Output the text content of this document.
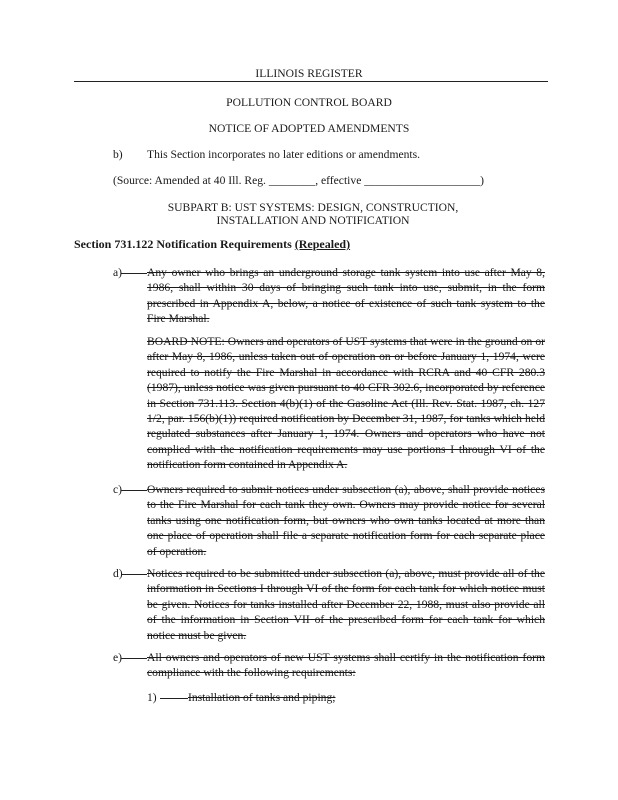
ILLINOIS REGISTER
POLLUTION CONTROL BOARD
NOTICE OF ADOPTED AMENDMENTS
b) This Section incorporates no later editions or amendments.
(Source: Amended at 40 Ill. Reg. ________, effective ____________________)
SUBPART B: UST SYSTEMS: DESIGN, CONSTRUCTION,
INSTALLATION AND NOTIFICATION
Section 731.122 Notification Requirements (Repealed)
a)	Any owner who brings an underground storage tank system into use after May 8, 1986, shall within 30 days of bringing such tank into use, submit, in the form prescribed in Appendix A, below, a notice of existence of such tank system to the Fire Marshal.
BOARD NOTE: Owners and operators of UST systems that were in the ground on or after May 8, 1986, unless taken out of operation on or before January 1, 1974, were required to notify the Fire Marshal in accordance with RCRA and 40 CFR 280.3 (1987), unless notice was given pursuant to 40 CFR 302.6, incorporated by reference in Section 731.113. Section 4(b)(1) of the Gasoline Act (Ill. Rev. Stat. 1987, ch. 127 1/2, par. 156(b)(1)) required notification by December 31, 1987, for tanks which held regulated substances after January 1, 1974. Owners and operators who have not complied with the notification requirements may use portions I through VI of the notification form contained in Appendix A.
c)	Owners required to submit notices under subsection (a), above, shall provide notices to the Fire Marshal for each tank they own. Owners may provide notice for several tanks using one notification form, but owners who own tanks located at more than one place of operation shall file a separate notification form for each separate place of operation.
d)	Notices required to be submitted under subsection (a), above, must provide all of the information in Sections I through VI of the form for each tank for which notice must be given. Notices for tanks installed after December 22, 1988, must also provide all of the information in Section VII of the prescribed form for each tank for which notice must be given.
e)	All owners and operators of new UST systems shall certify in the notification form compliance with the following requirements:
1)	Installation of tanks and piping;
